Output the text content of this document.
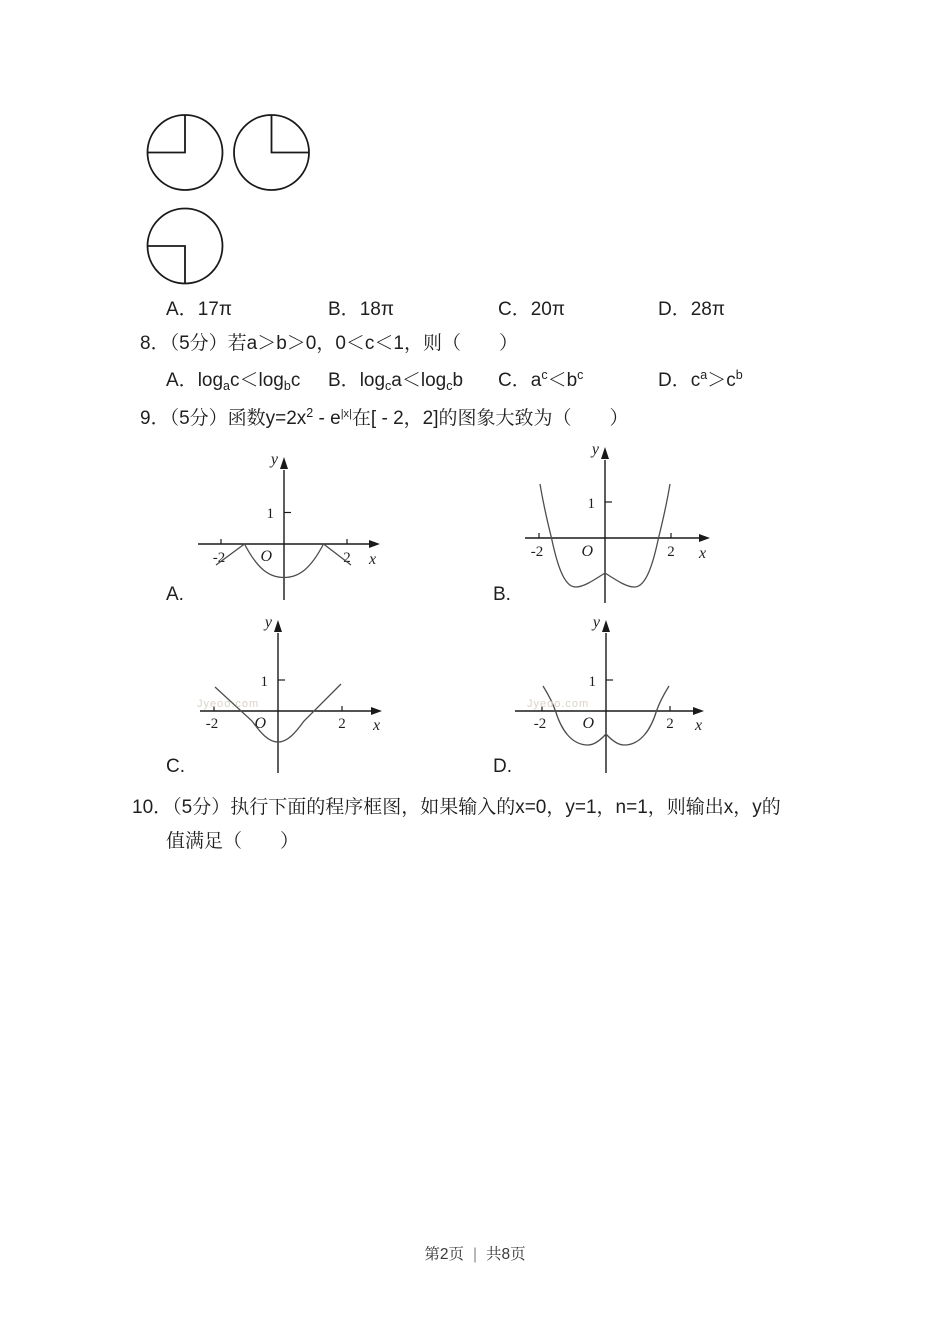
A．17π	B．18π	C．20π	D．28π
8．（5分）若a＞b＞0，0＜c＜1，则（　　）
A．$\log_ac<\log_bc$ B．$\log_ca<\log_cb$ C．$a^c<b^c$	D．$c^a>c^b$
9．（5分）函数$y=2x^2 - e^{|x|}$在[ - 2，2]的图象大致为（　　）
1
-2	2
O
y
x
A.
1
-2	2
O
y
x
B.
1
-2	2
O
y
x
C.
1
-2	2
O
y
x
D.
Jyeoo.com	Jyeoo.com
10．（5分）执行下面的程序框图，如果输入的x=0，y=1，n=1，则输出x，y的
值满足（　　）
第2页 | 共8页
